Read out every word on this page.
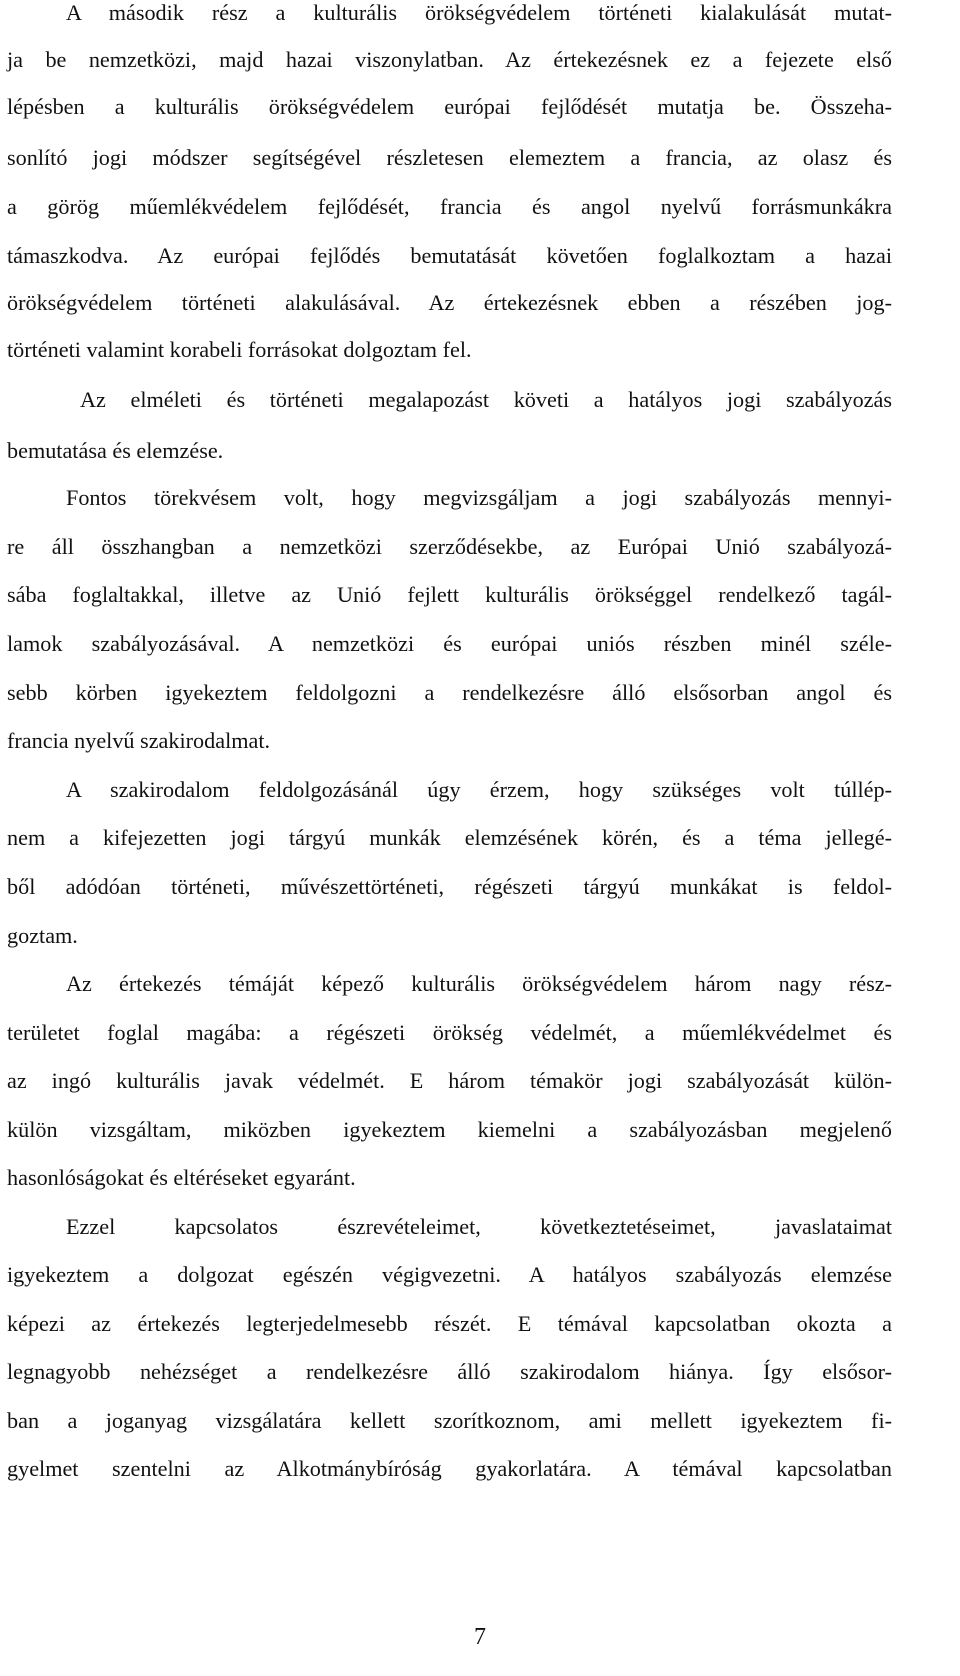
A második rész a kulturális örökségvédelem történeti kialakulását mutat-
ja be nemzetközi, majd hazai viszonylatban. Az értekezésnek ez a fejezete első
lépésben a kulturális örökségvédelem európai fejlődését mutatja be. Összeha-
sonlító jogi módszer segítségével részletesen elemeztem a francia, az olasz és
a görög műemlékvédelem fejlődését, francia és angol nyelvű forrásmunkákra
támaszkodva. Az európai fejlődés bemutatását követően foglalkoztam a hazai
örökségvédelem történeti alakulásával. Az értekezésnek ebben a részében jog-
történeti valamint korabeli forrásokat dolgoztam fel.
Az elméleti és történeti megalapozást követi a hatályos jogi szabályozás
bemutatása és elemzése.
Fontos törekvésem volt, hogy megvizsgáljam a jogi szabályozás mennyi-
re áll összhangban a nemzetközi szerződésekbe, az Európai Unió szabályozá-
sába foglaltakkal, illetve az Unió fejlett kulturális örökséggel rendelkező tagál-
lamok szabályozásával. A nemzetközi és európai uniós részben minél széle-
sebb körben igyekeztem feldolgozni a rendelkezésre álló elsősorban angol és
francia nyelvű szakirodalmat.
A szakirodalom feldolgozásánál úgy érzem, hogy szükséges volt túllép-
nem a kifejezetten jogi tárgyú munkák elemzésének körén, és a téma jellegé-
ből adódóan történeti, művészettörténeti, régészeti tárgyú munkákat is feldol-
goztam.
Az értekezés témáját képező kulturális örökségvédelem három nagy rész-
területet foglal magába: a régészeti örökség védelmét, a műemlékvédelmet és
az ingó kulturális javak védelmét. E három témakör jogi szabályozását külön-
külön vizsgáltam, miközben igyekeztem kiemelni a szabályozásban megjelenő
hasonlóságokat és eltéréseket egyaránt.
Ezzel kapcsolatos észrevételeimet, következtetéseimet, javaslataimat
igyekeztem a dolgozat egészén végigvezetni. A hatályos szabályozás elemzése
képezi az értekezés legterjedelmesebb részét. E témával kapcsolatban okozta a
legnagyobb nehézséget a rendelkezésre álló szakirodalom hiánya. Így elsősor-
ban a joganyag vizsgálatára kellett szorítkoznom, ami mellett igyekeztem fi-
gyelmet szentelni az Alkotmánybíróság gyakorlatára. A témával kapcsolatban
7
